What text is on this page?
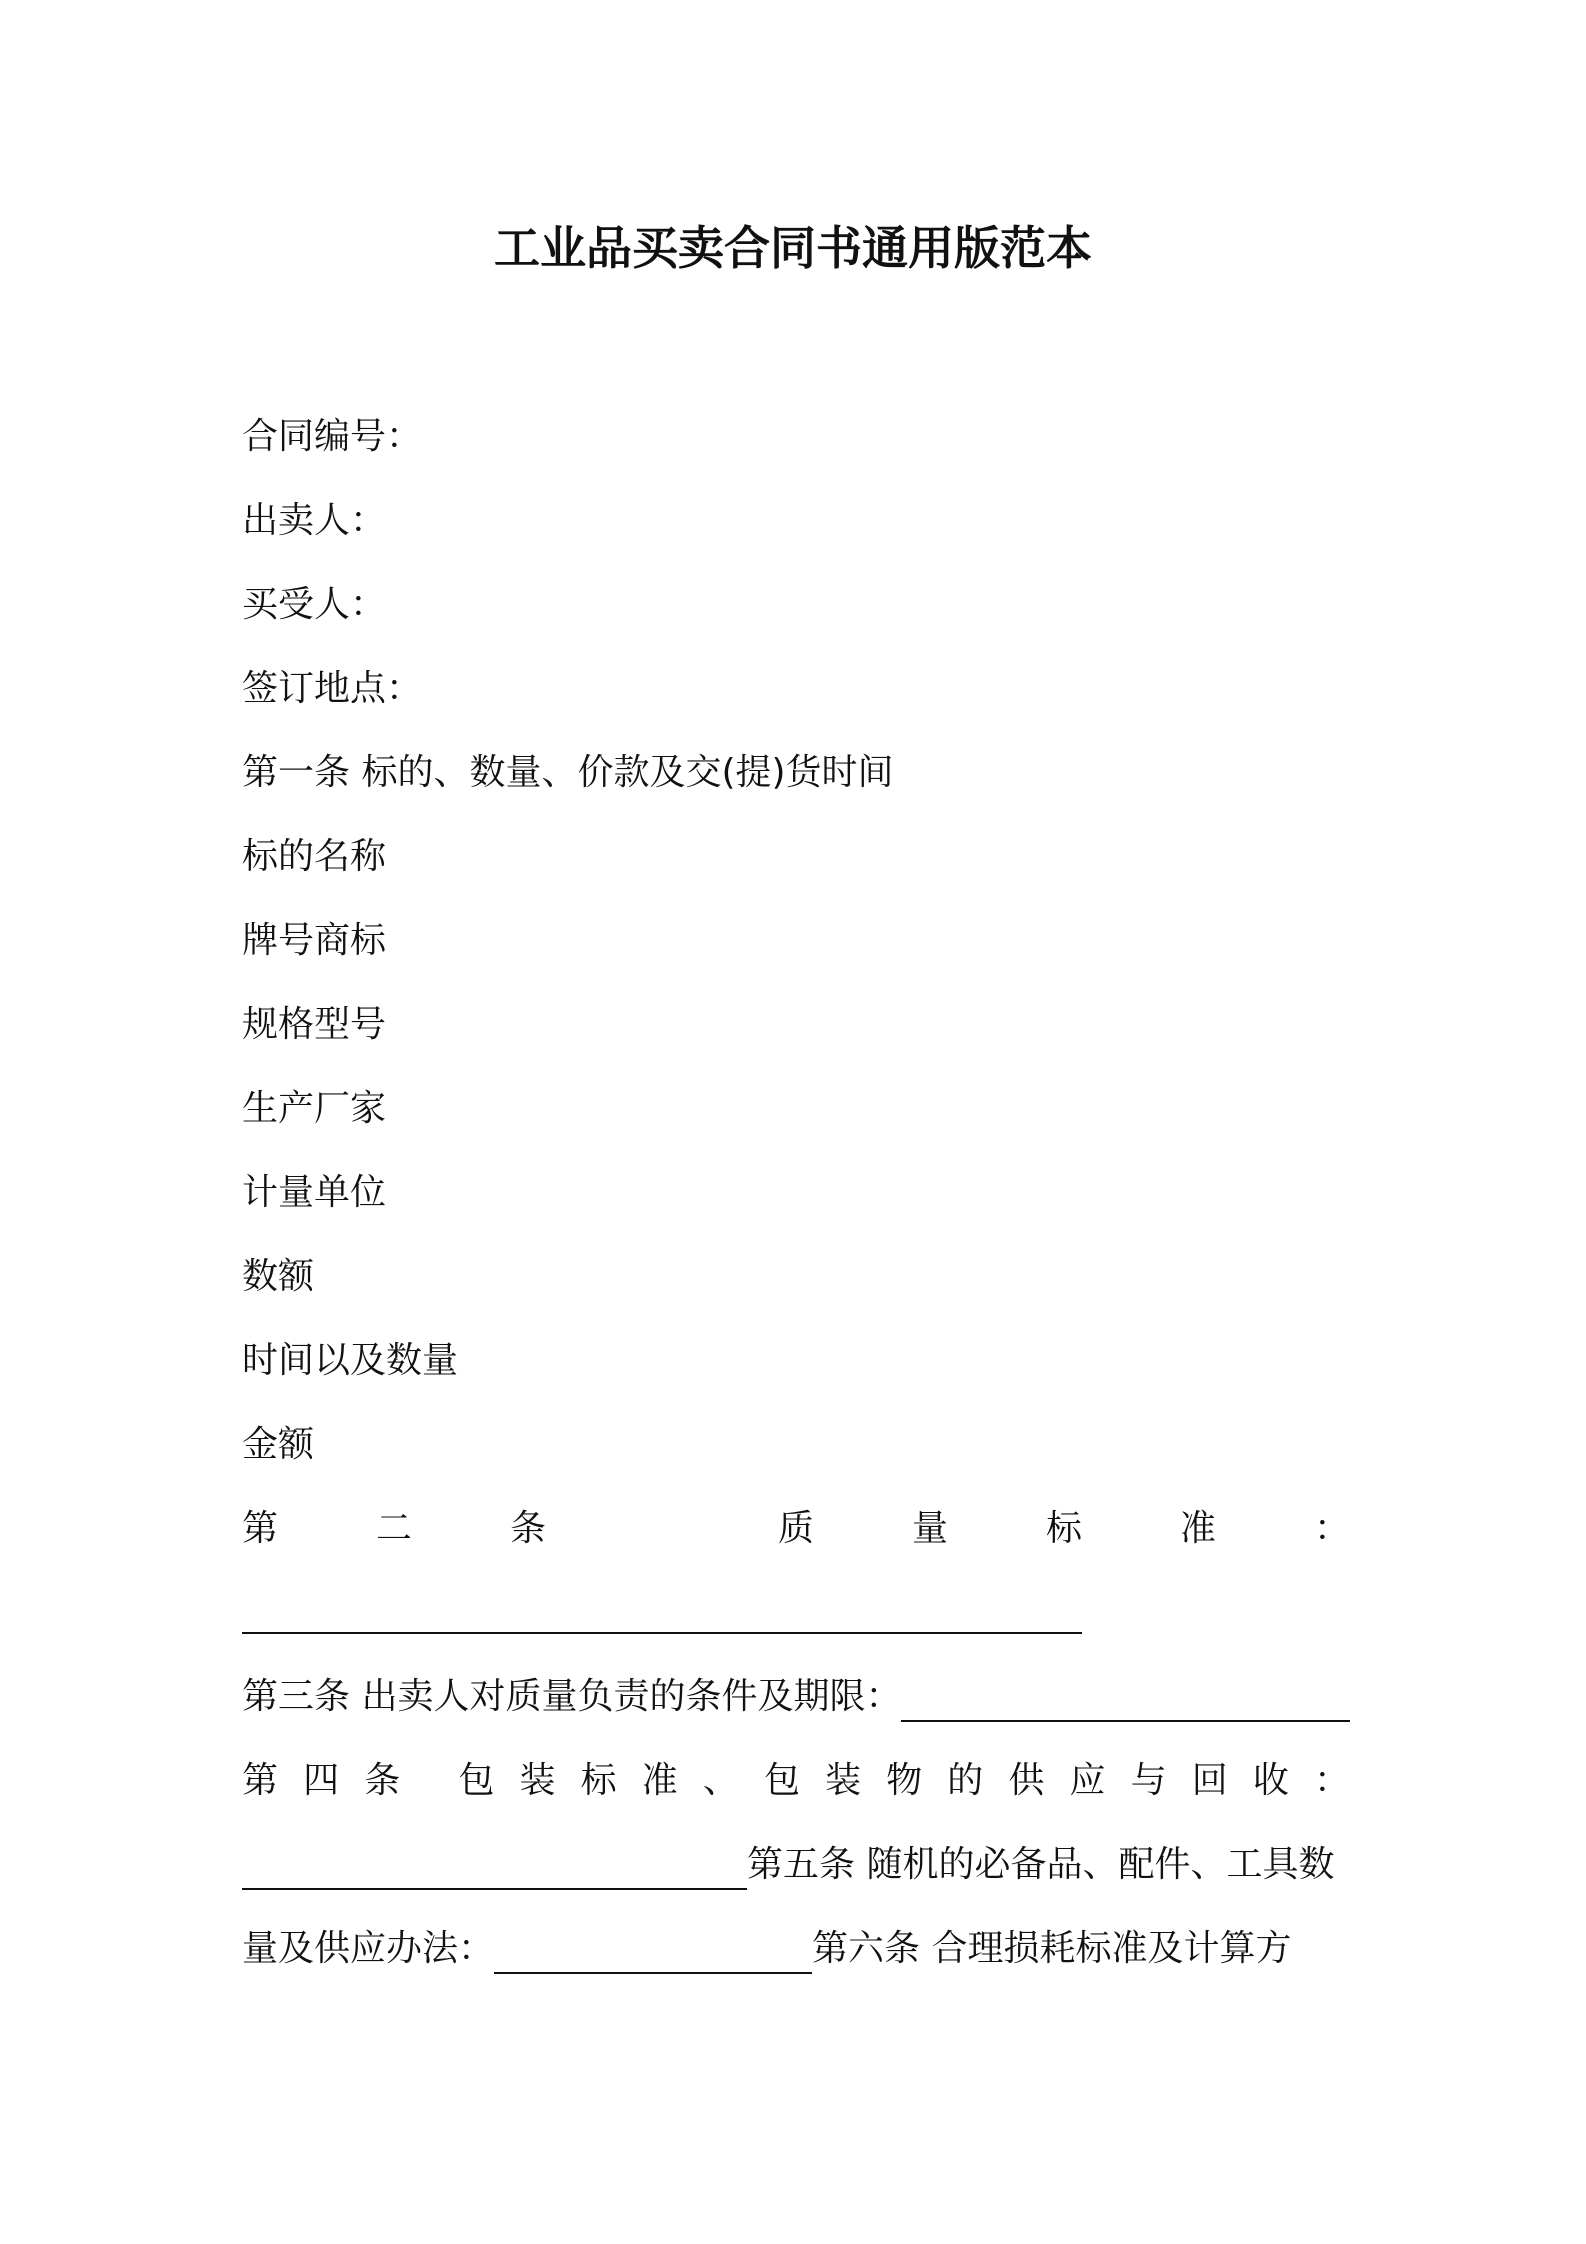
工业品买卖合同书通用版范本
合同编号：
出卖人：
买受人：
签订地点：
第一条 标的、数量、价款及交(提)货时间
标的名称
牌号商标
规格型号
生产厂家
计量单位
数额
时间以及数量
金额
第	二	条	质	量	标	准	：
第三条 出卖人对质量负责的条件及期限：
第 四 条 包 装 标 准 、 包 装 物 的 供 应 与 回 收 ：
第五条 随机的必备品、配件、工具数
量及供应办法：	第六条 合理损耗标准及计算方
